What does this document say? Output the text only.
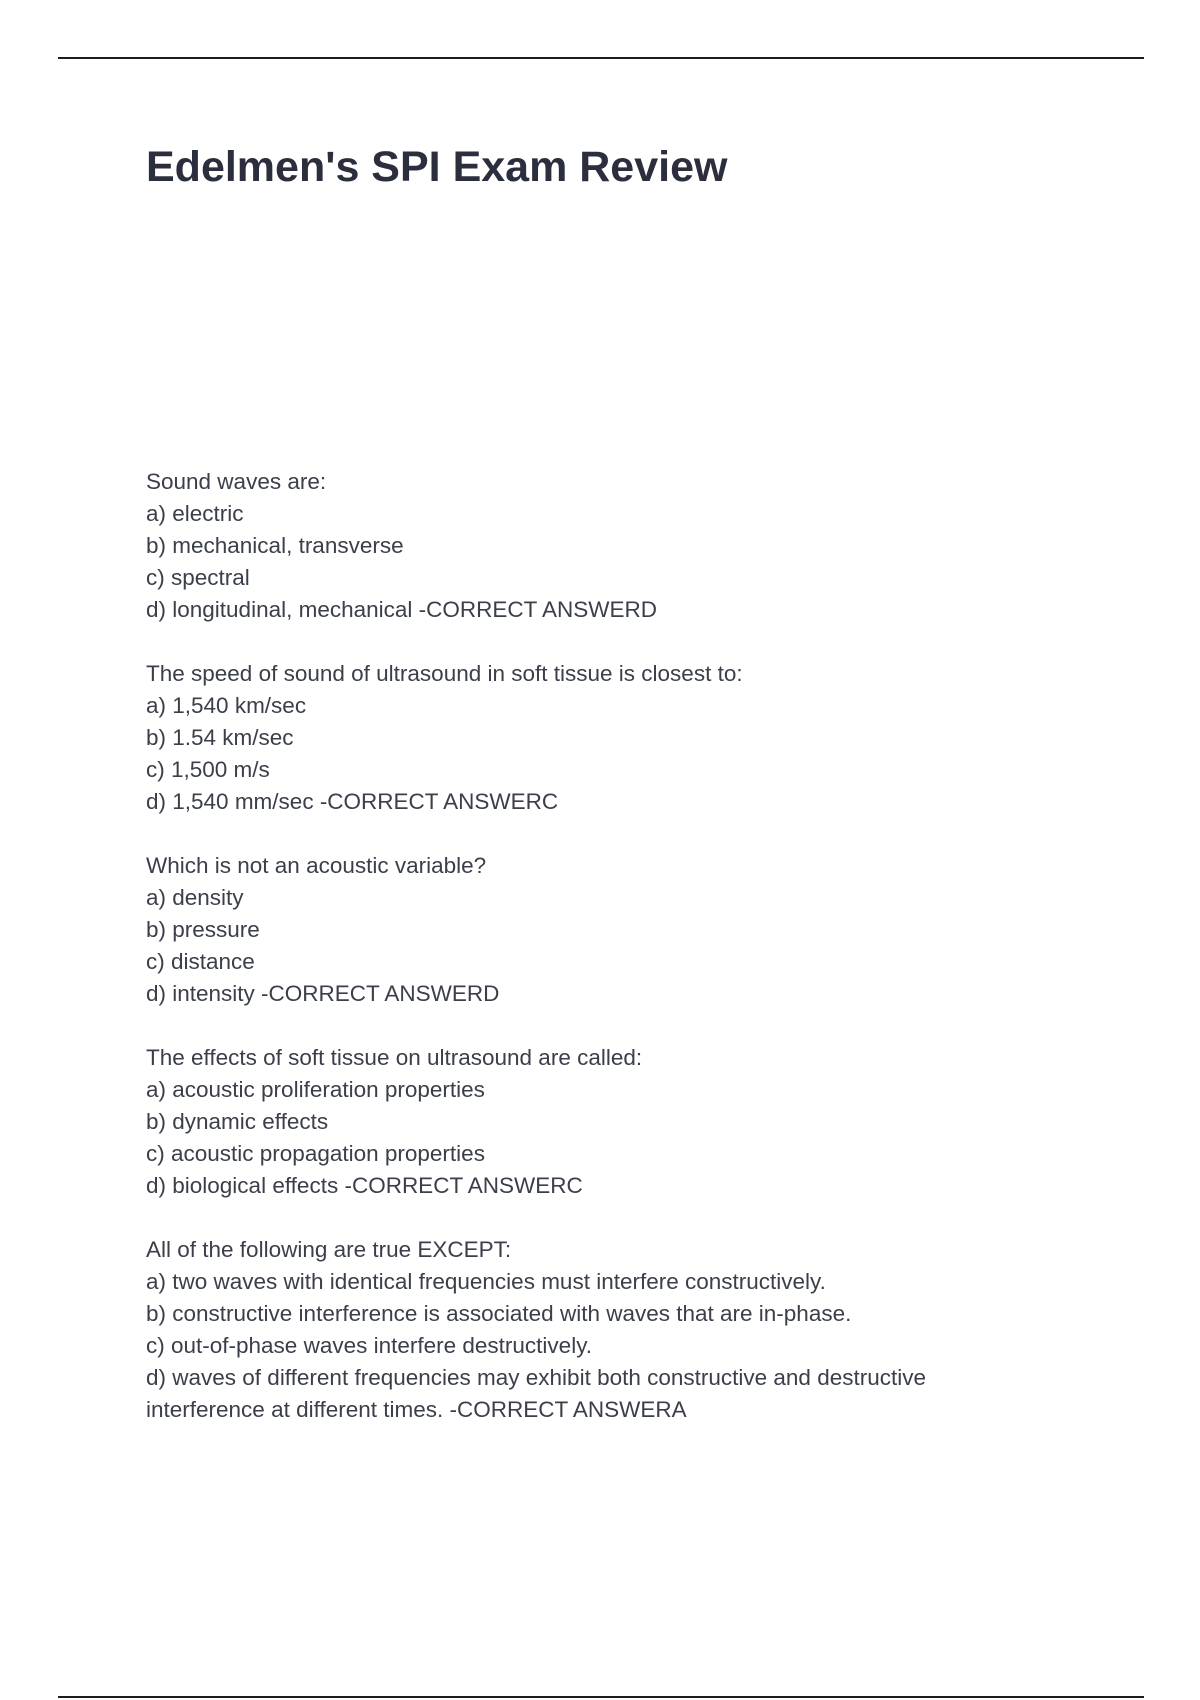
Edelmen's SPI Exam Review
Sound waves are:
a) electric
b) mechanical, transverse
c) spectral
d) longitudinal, mechanical -CORRECT ANSWERD
The speed of sound of ultrasound in soft tissue is closest to:
a) 1,540 km/sec
b) 1.54 km/sec
c) 1,500 m/s
d) 1,540 mm/sec -CORRECT ANSWERC
Which is not an acoustic variable?
a) density
b) pressure
c) distance
d) intensity -CORRECT ANSWERD
The effects of soft tissue on ultrasound are called:
a) acoustic proliferation properties
b) dynamic effects
c) acoustic propagation properties
d) biological effects -CORRECT ANSWERC
All of the following are true EXCEPT:
a) two waves with identical frequencies must interfere constructively.
b) constructive interference is associated with waves that are in-phase.
c) out-of-phase waves interfere destructively.
d) waves of different frequencies may exhibit both constructive and destructive
interference at different times. -CORRECT ANSWERA
